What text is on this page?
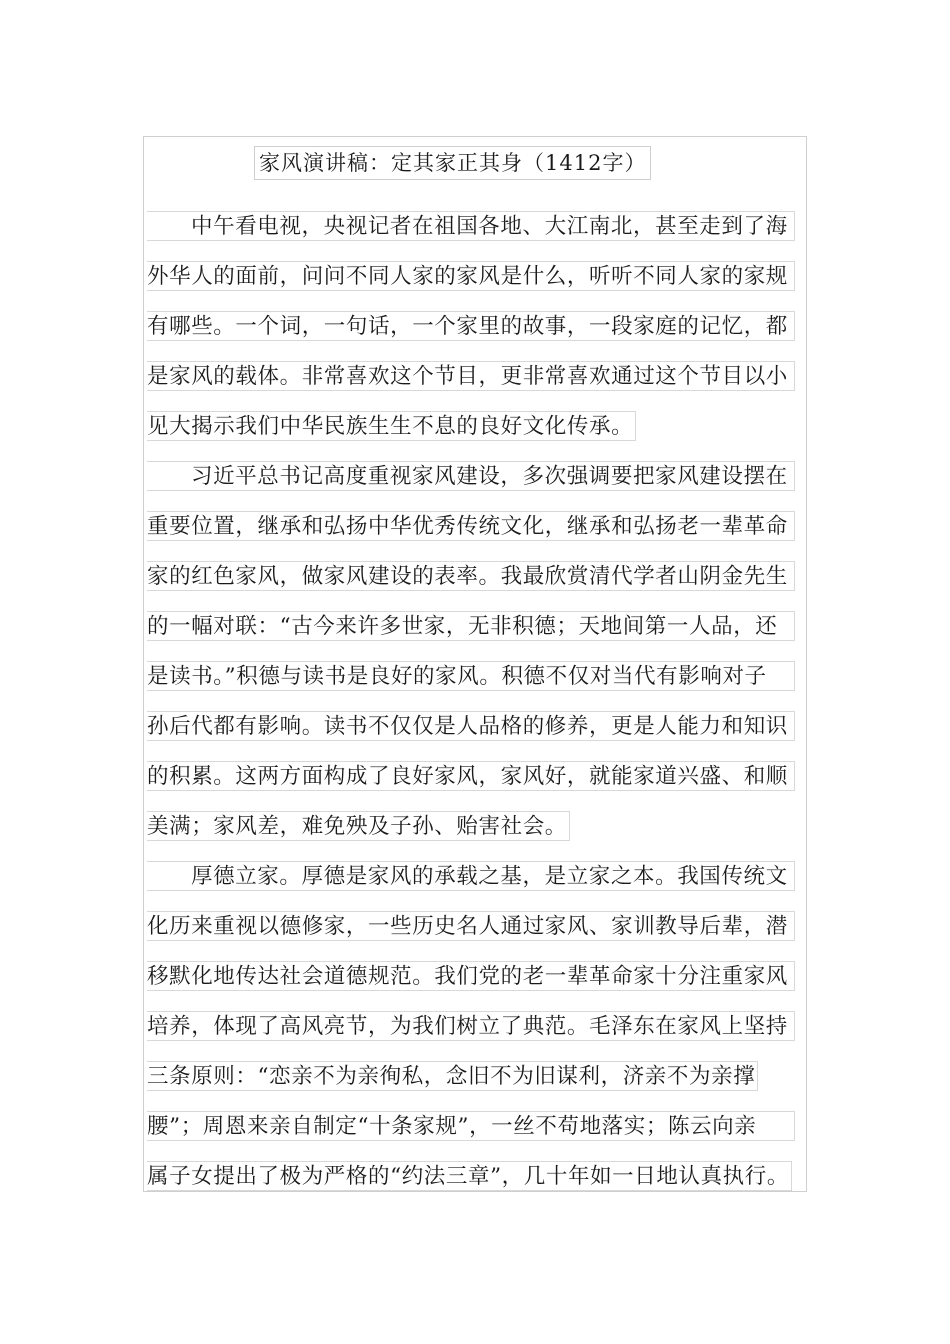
家风演讲稿：定其家正其身（1412字）
中午看电视，央视记者在祖国各地、大江南北，甚至走到了海
外华人的面前，问问不同人家的家风是什么，听听不同人家的家规
有哪些。一个词，一句话，一个家里的故事，一段家庭的记忆，都
是家风的载体。非常喜欢这个节目，更非常喜欢通过这个节目以小
见大揭示我们中华民族生生不息的良好文化传承。
习近平总书记高度重视家风建设，多次强调要把家风建设摆在
重要位置，继承和弘扬中华优秀传统文化，继承和弘扬老一辈革命
家的红色家风，做家风建设的表率。我最欣赏清代学者山阴金先生
的一幅对联：“古今来许多世家，无非积德；天地间第一人品，还
是读书。”积德与读书是良好的家风。积德不仅对当代有影响对子
孙后代都有影响。读书不仅仅是人品格的修养，更是人能力和知识
的积累。这两方面构成了良好家风，家风好，就能家道兴盛、和顺
美满；家风差，难免殃及子孙、贻害社会。
厚德立家。厚德是家风的承载之基，是立家之本。我国传统文
化历来重视以德修家，一些历史名人通过家风、家训教导后辈，潜
移默化地传达社会道德规范。我们党的老一辈革命家十分注重家风
培养，体现了高风亮节，为我们树立了典范。毛泽东在家风上坚持
三条原则：“恋亲不为亲徇私，念旧不为旧谋利，济亲不为亲撑
腰”；周恩来亲自制定“十条家规”，一丝不苟地落实；陈云向亲
属子女提出了极为严格的“约法三章”，几十年如一日地认真执行。
